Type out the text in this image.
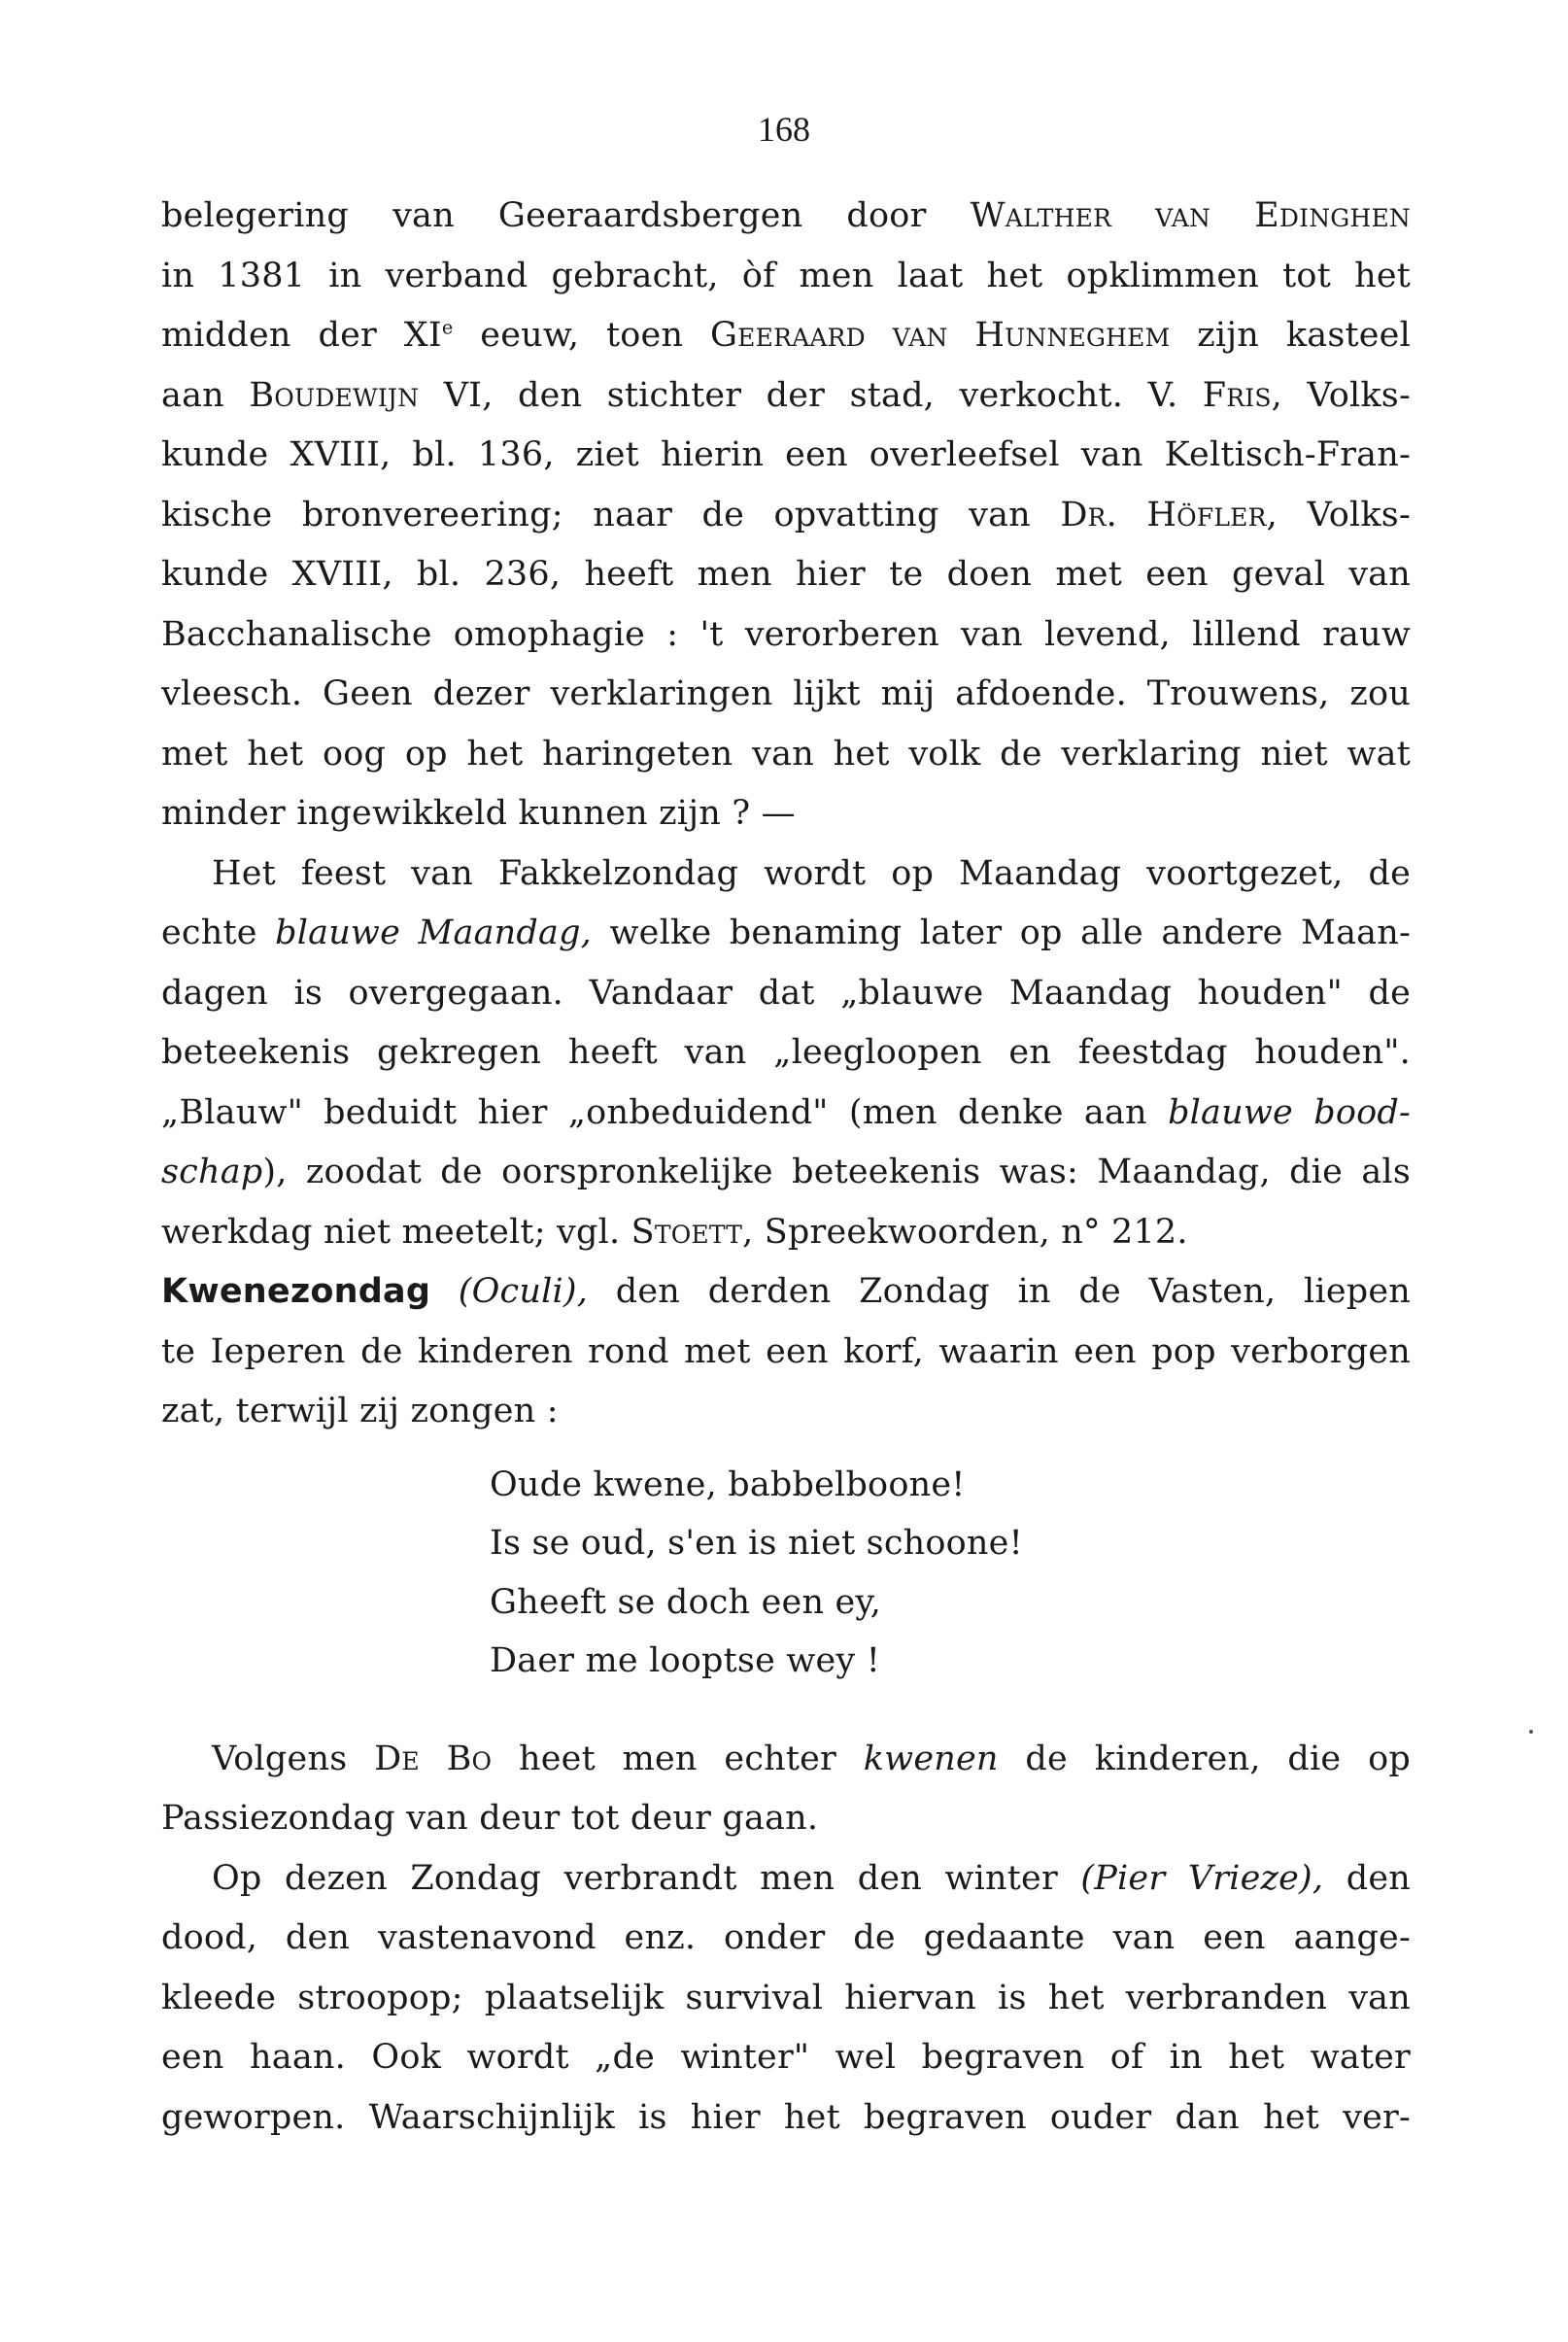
168
belegering van Geeraardsbergen door Walther van Edinghen
in 1381 in verband gebracht, òf men laat het opklimmen tot het
midden der XIe eeuw, toen Geeraard van Hunneghem zijn kasteel
aan Boudewijn VI, den stichter der stad, verkocht. V. Fris, Volks-
kunde XVIII, bl. 136, ziet hierin een overleefsel van Keltisch-Fran-
kische bronvereering; naar de opvatting van Dr. Höfler, Volks-
kunde XVIII, bl. 236, heeft men hier te doen met een geval van
Bacchanalische omophagie : 't verorberen van levend, lillend rauw
vleesch. Geen dezer verklaringen lijkt mij afdoende. Trouwens, zou
met het oog op het haringeten van het volk de verklaring niet wat
minder ingewikkeld kunnen zijn ? —
Het feest van Fakkelzondag wordt op Maandag voortgezet, de
echte blauwe Maandag, welke benaming later op alle andere Maan-
dagen is overgegaan. Vandaar dat „blauwe Maandag houden" de
beteekenis gekregen heeft van „leegloopen en feestdag houden".
„Blauw" beduidt hier „onbeduidend" (men denke aan blauwe bood-
schap), zoodat de oorspronkelijke beteekenis was: Maandag, die als
werkdag niet meetelt; vgl. Stoett, Spreekwoorden, n° 212.
Kwenezondag (Oculi), den derden Zondag in de Vasten, liepen
te Ieperen de kinderen rond met een korf, waarin een pop verborgen
zat, terwijl zij zongen :
Oude kwene, babbelboone!
Is se oud, s'en is niet schoone!
Gheeft se doch een ey,
Daer me looptse wey !
Volgens De Bo heet men echter kwenen de kinderen, die op
Passiezondag van deur tot deur gaan.
Op dezen Zondag verbrandt men den winter (Pier Vrieze), den
dood, den vastenavond enz. onder de gedaante van een aange-
kleede stroopop; plaatselijk survival hiervan is het verbranden van
een haan. Ook wordt „de winter" wel begraven of in het water
geworpen. Waarschijnlijk is hier het begraven ouder dan het ver-
